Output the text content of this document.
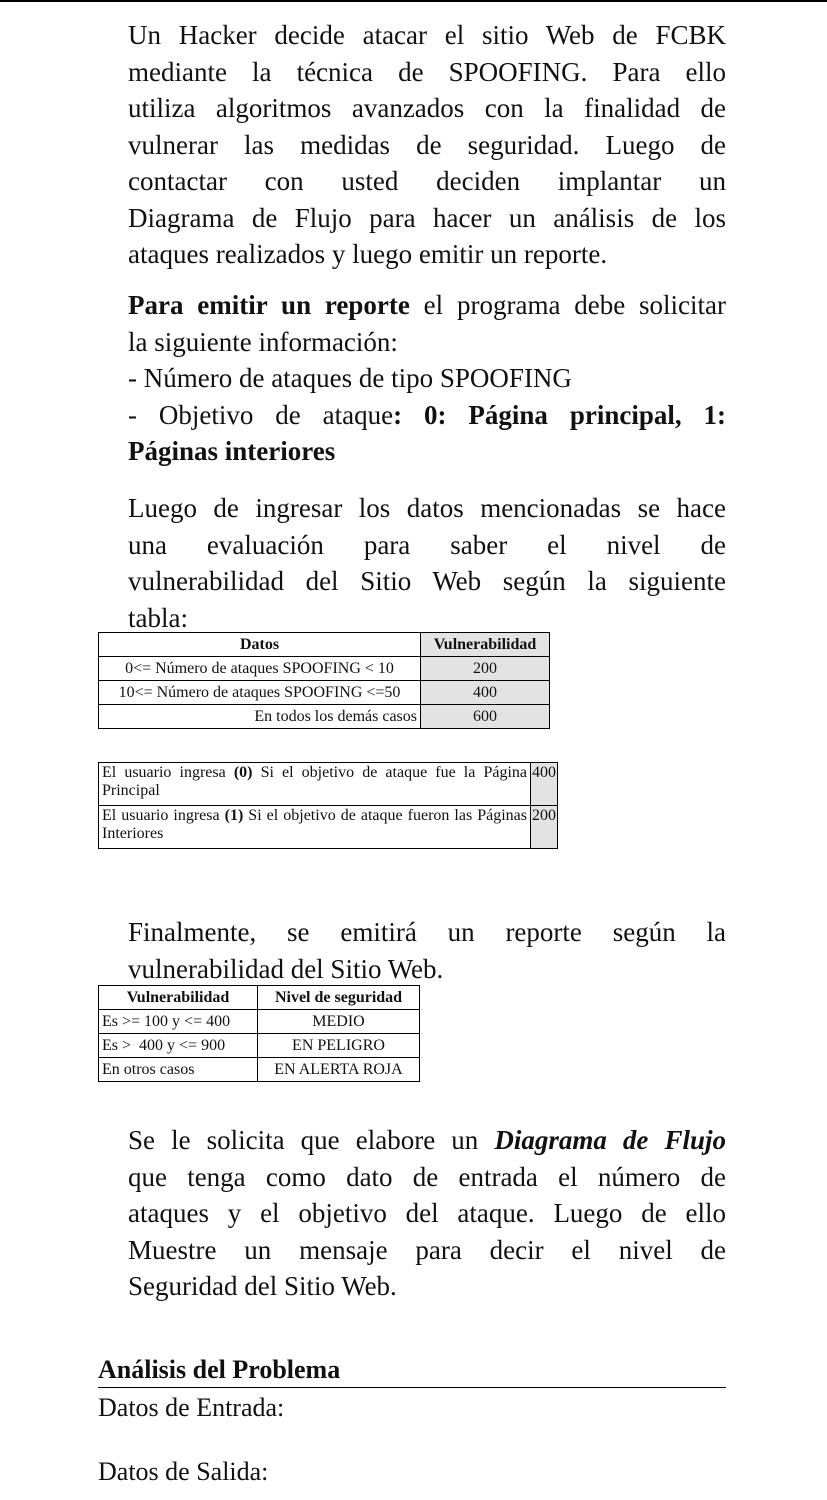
Un Hacker decide atacar el sitio Web de FCBK
mediante la técnica de SPOOFING. Para ello
utiliza algoritmos avanzados con la finalidad de
vulnerar las medidas de seguridad. Luego de
contactar con usted deciden implantar un
Diagrama de Flujo para hacer un análisis de los
ataques realizados y luego emitir un reporte.
Para emitir un reporte el programa debe solicitar
la siguiente información:
- Número de ataques de tipo SPOOFING
- Objetivo de ataque: 0: Página principal, 1:
Páginas interiores
Luego de ingresar los datos mencionadas se hace
una evaluación para saber el nivel de
vulnerabilidad del Sitio Web según la siguiente
tabla:
Datos	Vulnerabilidad
0<= Número de ataques SPOOFING < 10	200
10<= Número de ataques SPOOFING <=50	400
En todos los demás casos	600
El usuario ingresa (0) Si el objetivo de ataque fue la Página Principal	400
El usuario ingresa (1) Si el objetivo de ataque fueron las Páginas Interiores	200
Finalmente, se emitirá un reporte según la
vulnerabilidad del Sitio Web.
Vulnerabilidad	Nivel de seguridad
Es >= 100 y <= 400	MEDIO
Es >  400 y <= 900	EN PELIGRO
En otros casos	EN ALERTA ROJA
Se le solicita que elabore un Diagrama de Flujo
que tenga como dato de entrada el número de
ataques y el objetivo del ataque. Luego de ello
Muestre un mensaje para decir el nivel de
Seguridad del Sitio Web.
Análisis del Problema
Datos de Entrada:
Datos de Salida:
